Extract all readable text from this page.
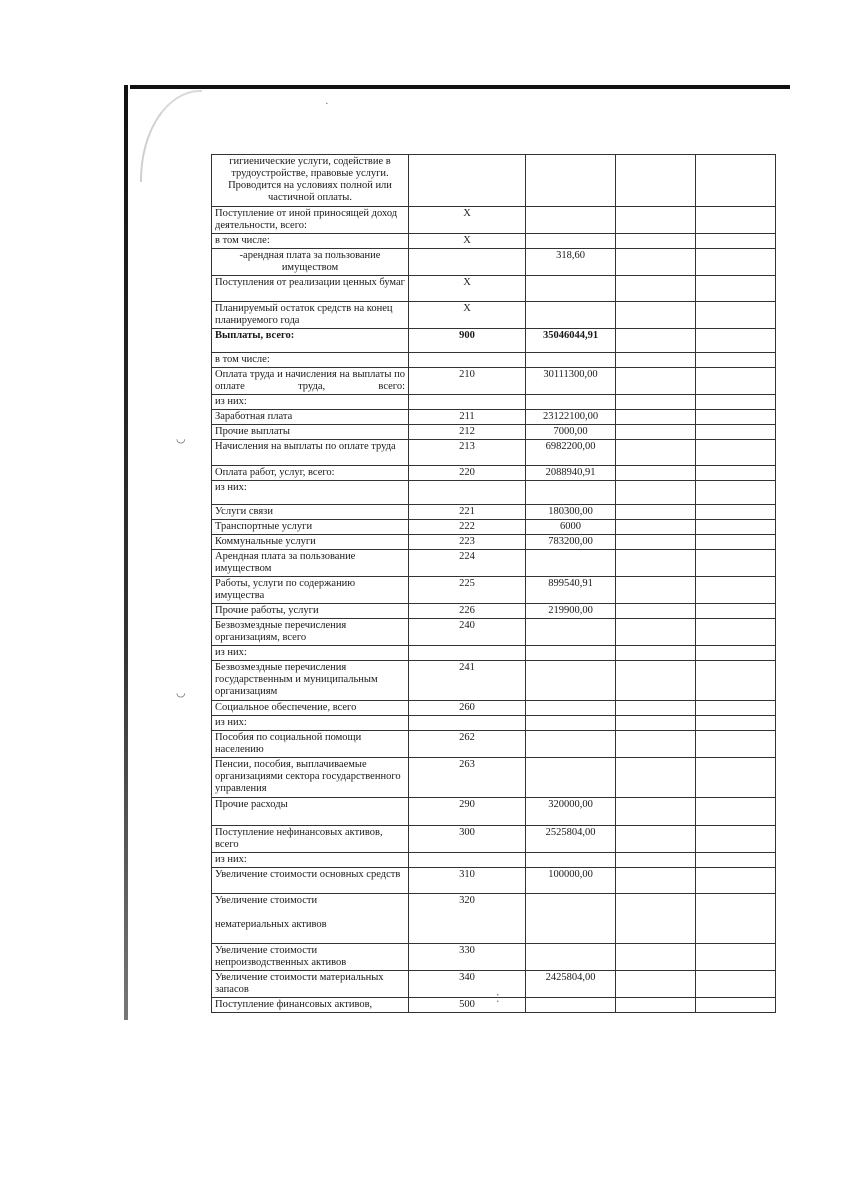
·
◡
◡
⁚
гигиенические услуги, содействие в трудоустройстве, правовые услуги. Проводится на условиях полной или частичной оплаты.				
Поступление от иной приносящей доход деятельности, всего:	X			
в том числе:	X			
-арендная плата за пользование имуществом		318,60		
Поступления от реализации ценных бумаг	X			
Планируемый остаток средств на конец планируемого года	X			
Выплаты, всего:	900	35046044,91		
в том числе:				
Оплата труда и начисления на выплаты по оплате труда, всего:	210	30111300,00		
из них:				
Заработная плата	211	23122100,00		
Прочие выплаты	212	7000,00		
Начисления на выплаты по оплате труда	213	6982200,00		
Оплата работ, услуг, всего:	220	2088940,91		
из них:				
Услуги связи	221	180300,00		
Транспортные услуги	222	6000		
Коммунальные услуги	223	783200,00		
Арендная плата за пользование имуществом	224			
Работы, услуги по содержанию имущества	225	899540,91		
Прочие работы, услуги	226	219900,00		
Безвозмездные перечисления организациям, всего	240			
из них:				
Безвозмездные перечисления государственным и муниципальным организациям	241			
Социальное обеспечение, всего	260			
из них:				
Пособия по социальной помощи населению	262			
Пенсии, пособия, выплачиваемые организациями сектора государственного управления	263			
Прочие расходы	290	320000,00		
Поступление нефинансовых активов, всего	300	2525804,00		
из них:				
Увеличение стоимости основных средств	310	100000,00		
Увеличение стоимости

нематериальных активов	320			
Увеличение стоимости непроизводственных активов	330			
Увеличение стоимости материальных запасов	340	2425804,00		
Поступление финансовых активов,	500			
